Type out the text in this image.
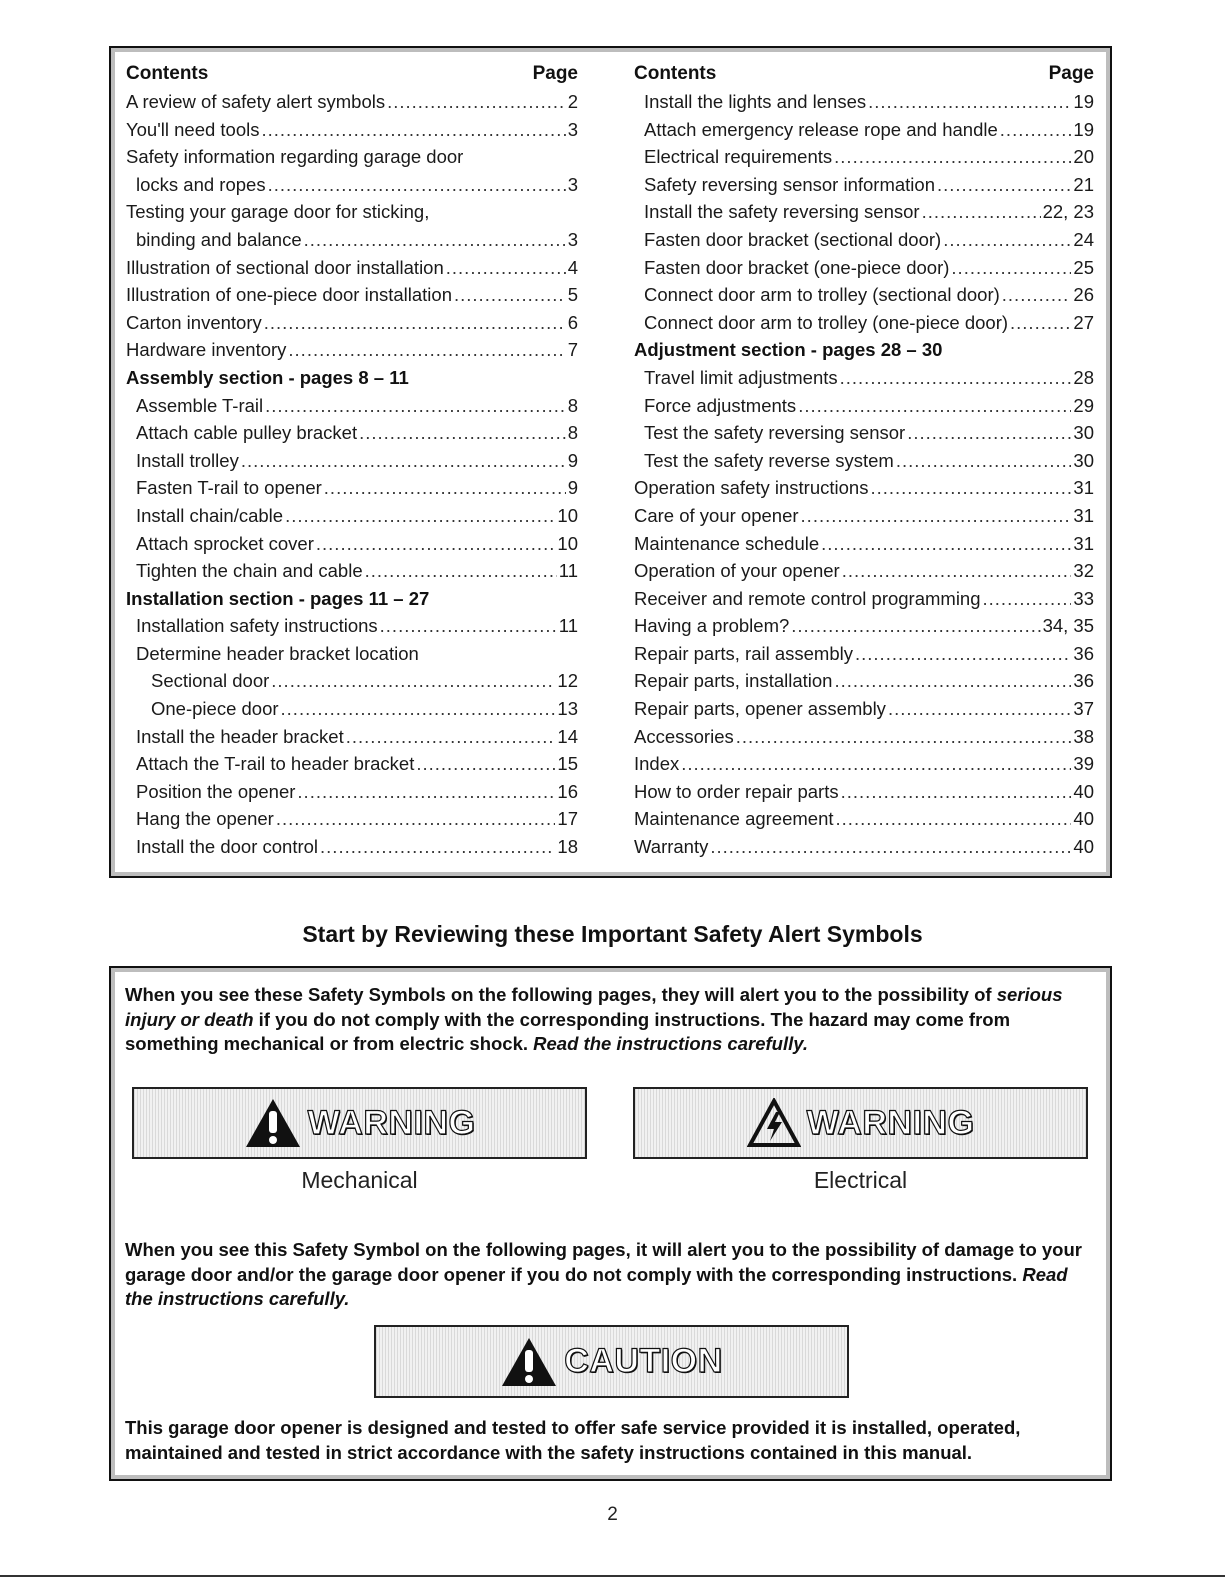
Contents	Page
A review of safety alert symbols .....	2
You'll need tools .....	3
Safety information regarding garage door
locks and ropes .....	3
Testing your garage door for sticking,
binding and balance .....	3
Illustration of sectional door installation .....	4
Illustration of one-piece door installation .....	5
Carton inventory .....	6
Hardware inventory .....	7
Assembly section - pages 8 – 11
Assemble T-rail .....	8
Attach cable pulley bracket .....	8
Install trolley .....	9
Fasten T-rail to opener .....	9
Install chain/cable .....	10
Attach sprocket cover .....	10
Tighten the chain and cable .....	11
Installation section - pages 11 – 27
Installation safety instructions .....	11
Determine header bracket location
Sectional door .....	12
One-piece door .....	13
Install the header bracket .....	14
Attach the T-rail to header bracket .....	15
Position the opener .....	16
Hang the opener .....	17
Install the door control .....	18
Contents	Page
Install the lights and lenses .....	19
Attach emergency release rope and handle .....	19
Electrical requirements .....	20
Safety reversing sensor information .....	21
Install the safety reversing sensor .....	22, 23
Fasten door bracket (sectional door) .....	24
Fasten door bracket (one-piece door) .....	25
Connect door arm to trolley (sectional door) .....	26
Connect door arm to trolley (one-piece door) .....	27
Adjustment section - pages 28 – 30
Travel limit adjustments .....	28
Force adjustments .....	29
Test the safety reversing sensor .....	30
Test the safety reverse system .....	30
Operation safety instructions .....	31
Care of your opener .....	31
Maintenance schedule .....	31
Operation of your opener .....	32
Receiver and remote control programming .....	33
Having a problem? .....	34, 35
Repair parts, rail assembly .....	36
Repair parts, installation .....	36
Repair parts, opener assembly .....	37
Accessories .....	38
Index .....	39
How to order repair parts .....	40
Maintenance agreement .....	40
Warranty .....	40
Start by Reviewing these Important Safety Alert Symbols
When you see these Safety Symbols on the following pages, they will alert you to the possibility of serious injury or death if you do not comply with the corresponding instructions. The hazard may come from something mechanical or from electric shock. Read the instructions carefully.
WARNING
Mechanical
WARNING
Electrical
When you see this Safety Symbol on the following pages, it will alert you to the possibility of damage to your garage door and/or the garage door opener if you do not comply with the corresponding instructions. Read the instructions carefully.
CAUTION
This garage door opener is designed and tested to offer safe service provided it is installed, operated, maintained and tested in strict accordance with the safety instructions contained in this manual.
2
